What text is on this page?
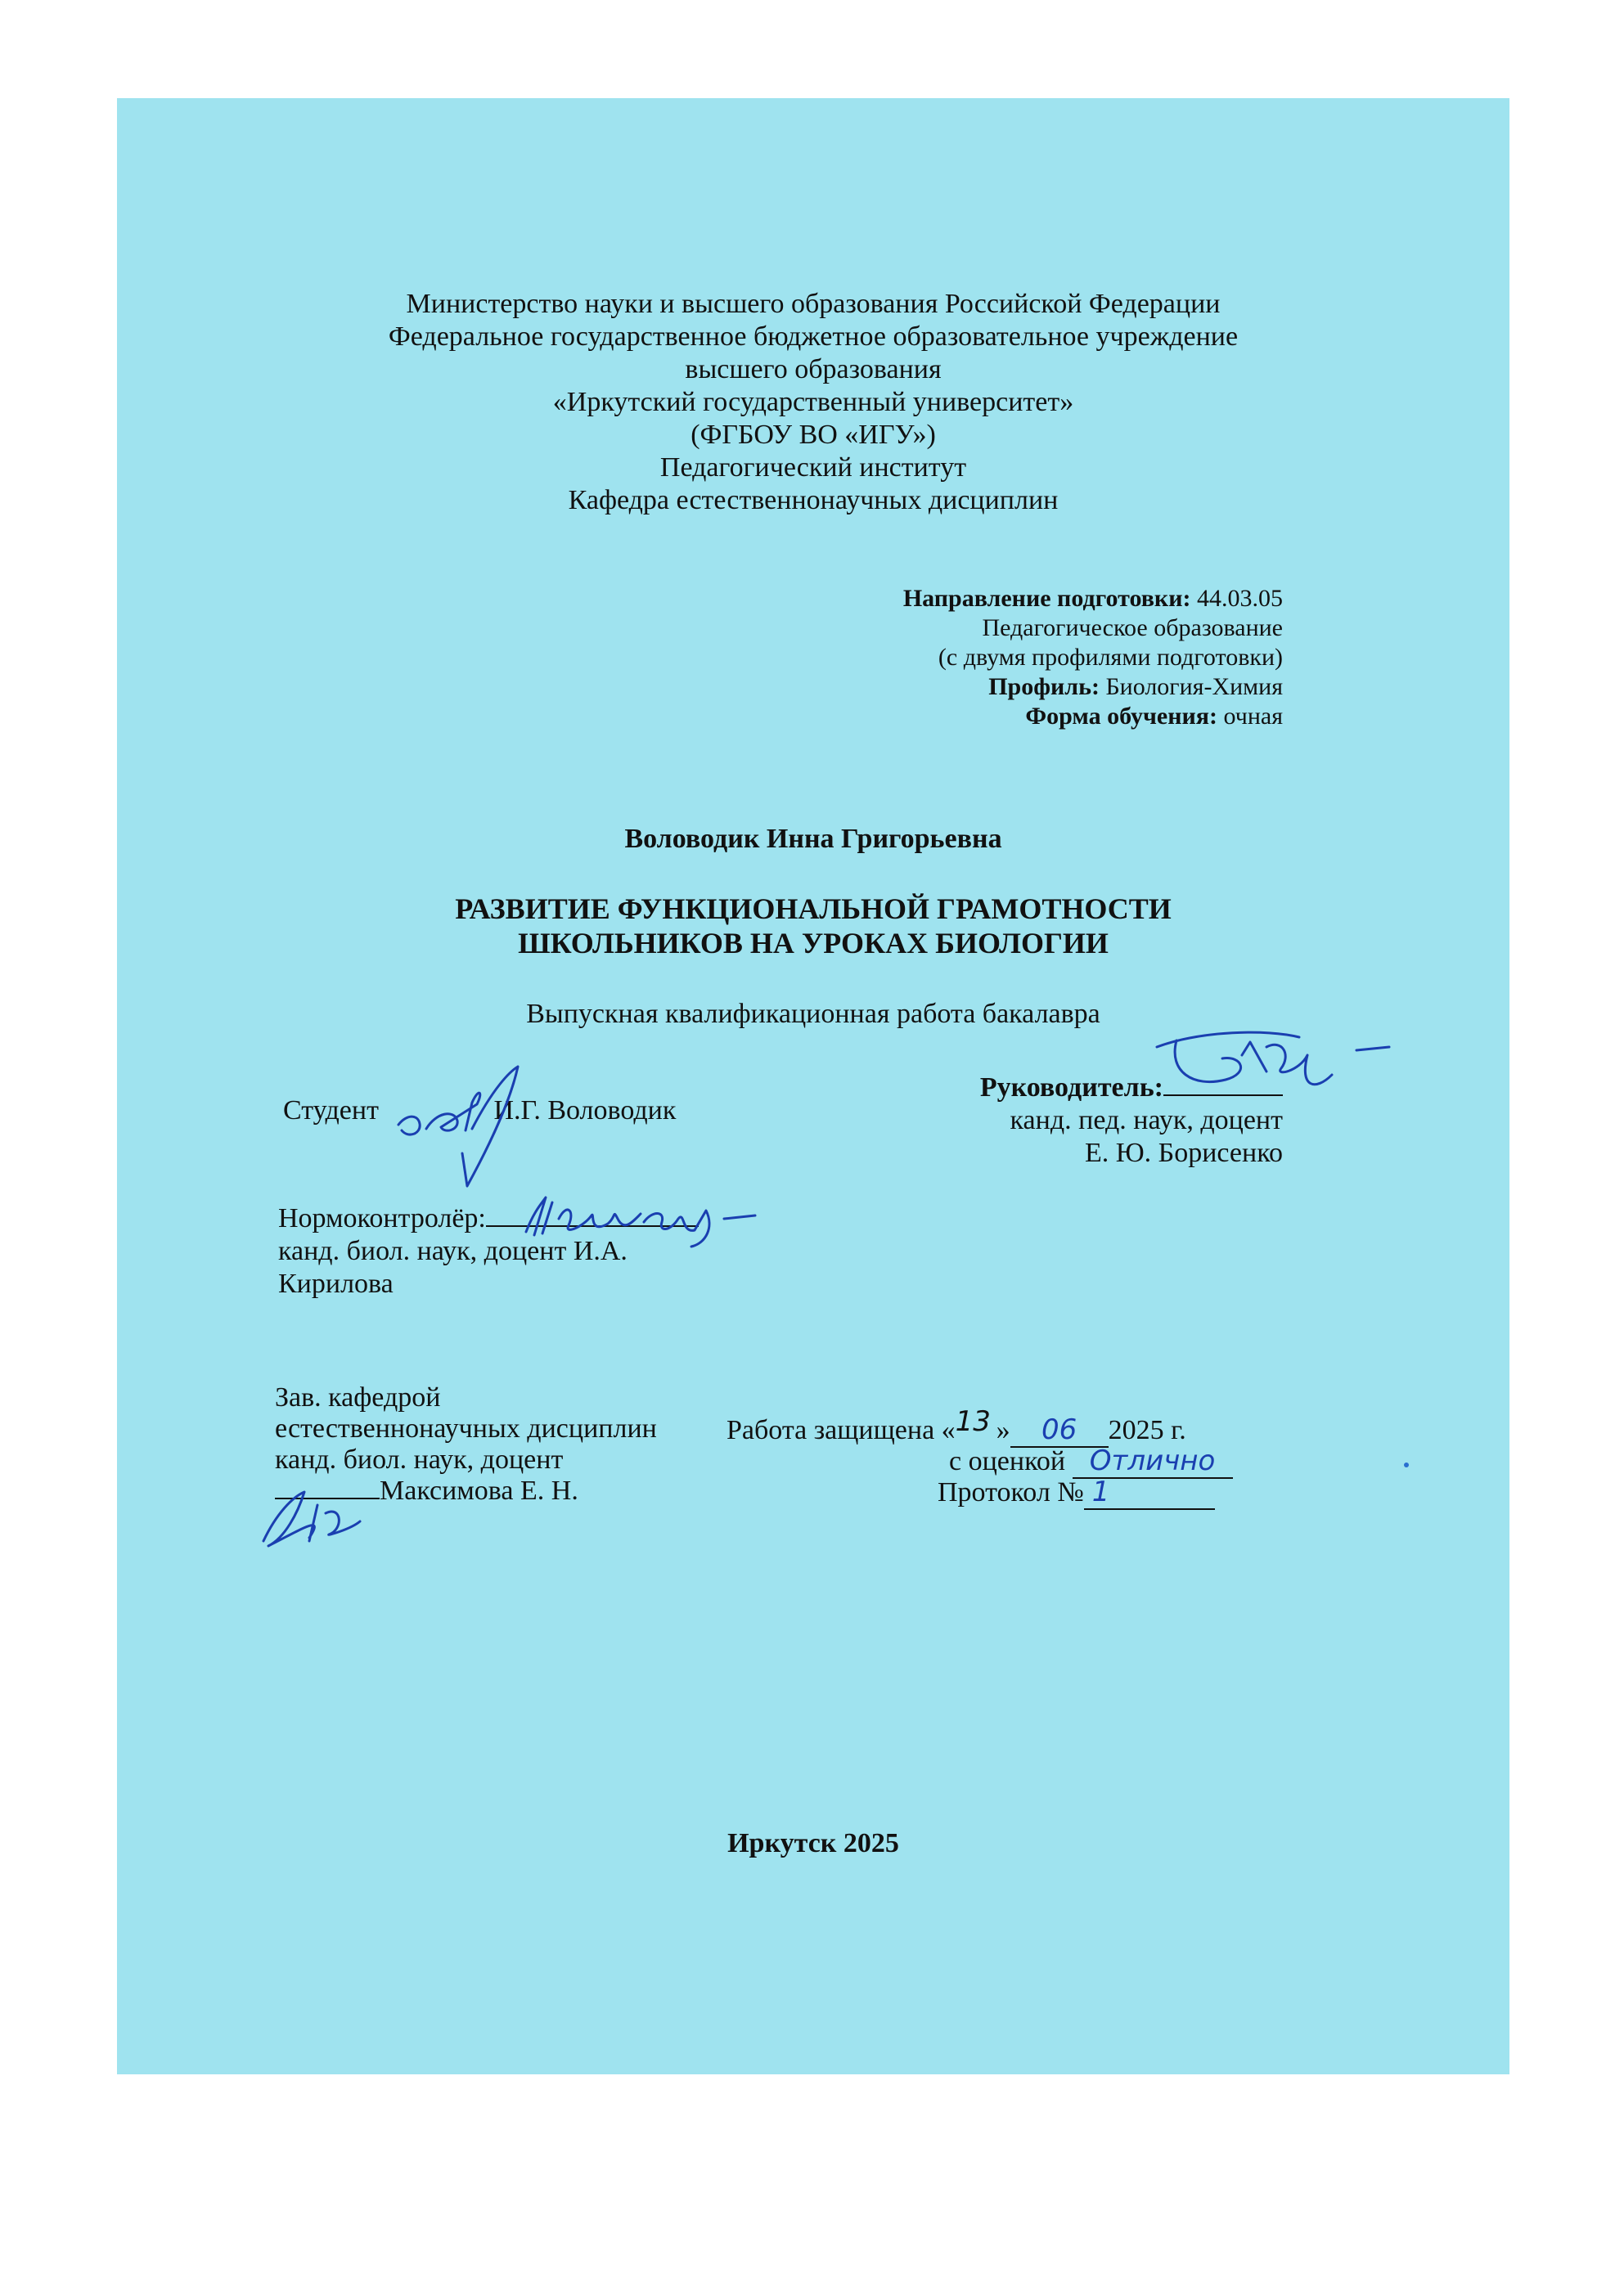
Министерство науки и высшего образования Российской Федерации
Федеральное государственное бюджетное образовательное учреждение
высшего образования
«Иркутский государственный университет»
(ФГБОУ ВО «ИГУ»)
Педагогический институт
Кафедра естественнонаучных дисциплин
Направление подготовки: 44.03.05
Педагогическое образование
(с двумя профилями подготовки)
Профиль: Биология-Химия
Форма обучения: очная
Воловодик Инна Григорьевна
РАЗВИТИЕ ФУНКЦИОНАЛЬНОЙ ГРАМОТНОСТИ
ШКОЛЬНИКОВ НА УРОКАХ БИОЛОГИИ
Выпускная квалификационная работа бакалавра
Студент	И.Г. Воловодик
Руководитель:
канд. пед. наук, доцент
Е. Ю. Борисенко
Нормоконтролёр:
канд. биол. наук, доцент И.А.
Кирилова
Зав. кафедрой
естественнонаучных дисциплин
канд. биол. наук, доцент
Максимова Е. Н.
Работа защищена «13 » 06 2025 г.
с оценкой Отлично
Протокол № 1
Иркутск 2025
